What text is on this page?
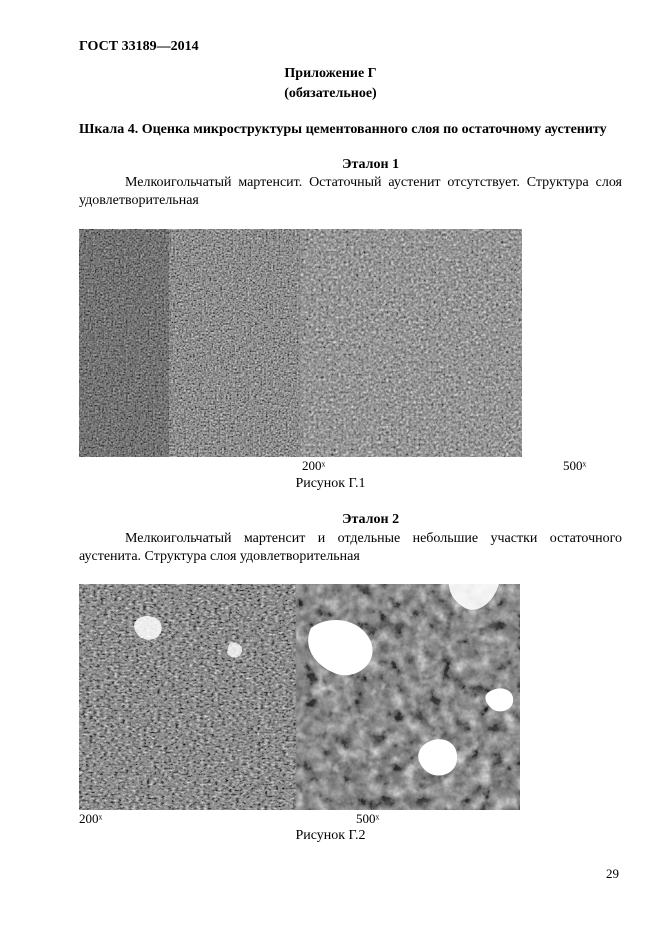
ГОСТ 33189—2014
Приложение Г
(обязательное)
Шкала 4. Оценка микроструктуры цементованного слоя по остаточному аустениту
Эталон 1

Мелкоигольчатый мартенсит. Остаточный аустенит отсутствует. Структура слоя удовлетворительная

200ˣ	500ˣ
Рисунок Г.1
Эталон 2

Мелкоигольчатый мартенсит и отдельные небольшие участки остаточного аустенита. Структура слоя удовлетворительная

200ˣ	500ˣ
Рисунок Г.2
29
